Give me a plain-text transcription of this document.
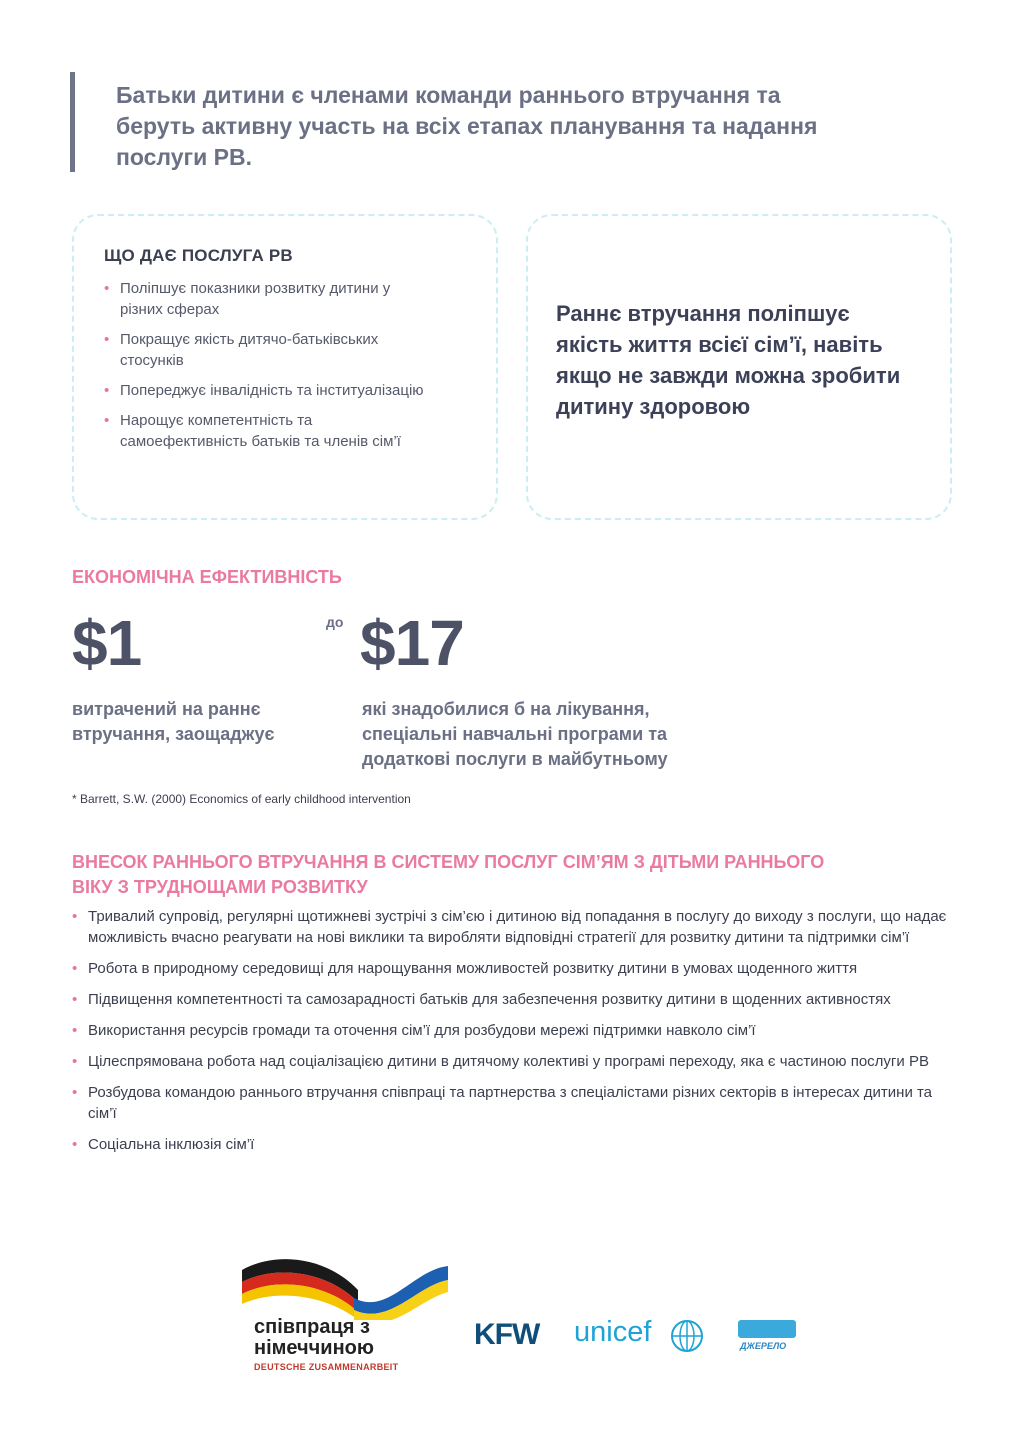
Батьки дитини є членами команди раннього втручання та беруть активну участь на всіх етапах планування та надання послуги РВ.

ЩО ДАЄ ПОСЛУГА РВ
• Поліпшує показники розвитку дитини у різних сферах
• Покращує якість дитячо-батьківських стосунків
• Попереджує інвалідність та інституалізацію
• Нарощує компетентність та самоефективність батьків та членів сім’ї

Раннє втручання поліпшує якість життя всієї сім’ї, навіть якщо не завжди можна зробити дитину здоровою

ЕКОНОМІЧНА ЕФЕКТИВНІСТЬ
$1	до $17

витрачений на раннє втручання, заощаджує

які знадобилися б на лікування, спеціальні навчальні програми та додаткові послуги в майбутньому

* Barrett, S.W. (2000) Economics of early childhood intervention

ВНЕСОК РАННЬОГО ВТРУЧАННЯ В СИСТЕМУ ПОСЛУГ СІМ’ЯМ З ДІТЬМИ РАННЬОГО ВІКУ З ТРУДНОЩАМИ РОЗВИТКУ
• Тривалий супровід, регулярні щотижневі зустрічі з сім’єю і дитиною від попадання в послугу до виходу з послуги, що надає можливість вчасно реагувати на нові виклики та виробляти відповідні стратегії для розвитку дитини та підтримки сім’ї
• Робота в природному середовищі для нарощування можливостей розвитку дитини в умовах щоденного життя
• Підвищення компетентності та самозарадності батьків для забезпечення розвитку дитини в щоденних активностях
• Використання ресурсів громади та оточення сім’ї для розбудови мережі підтримки навколо сім’ї
• Цілеспрямована робота над соціалізацією дитини в дитячому колективі у програмі переходу, яка є частиною послуги РВ
• Розбудова командою раннього втручання співпраці та партнерства з спеціалістами різних секторів в інтересах дитини та сім’ї
• Соціальна інклюзія сім’ї

співпраця з

німеччиною

DEUTSCHE ZUSAMMENARBEIT

KFW unicef	ДЖЕРЕЛО
